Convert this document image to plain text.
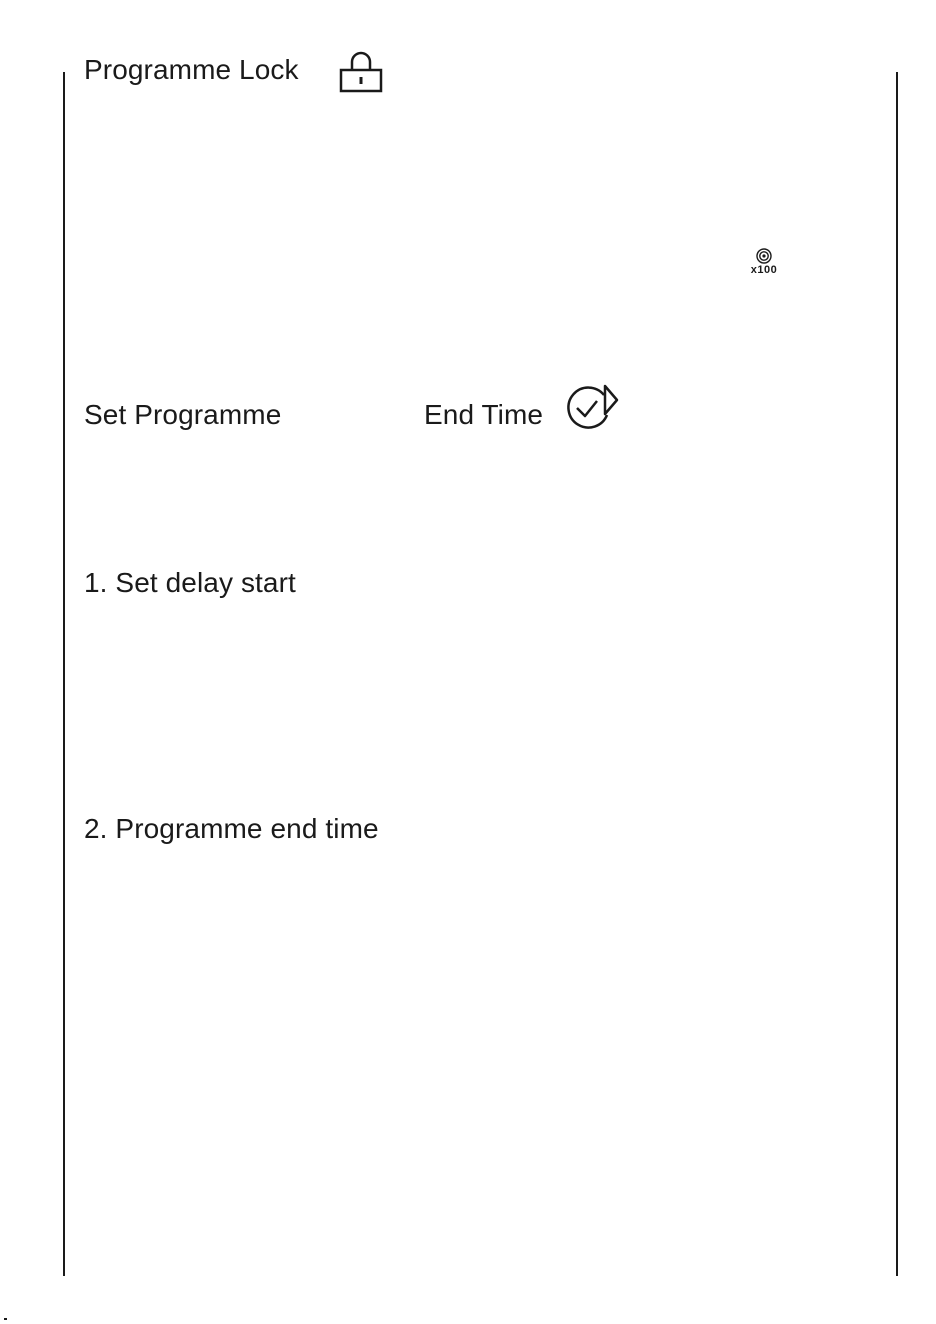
Programme Lock
x100
Set Programme	End Time
1. Set delay start
2. Programme end time
